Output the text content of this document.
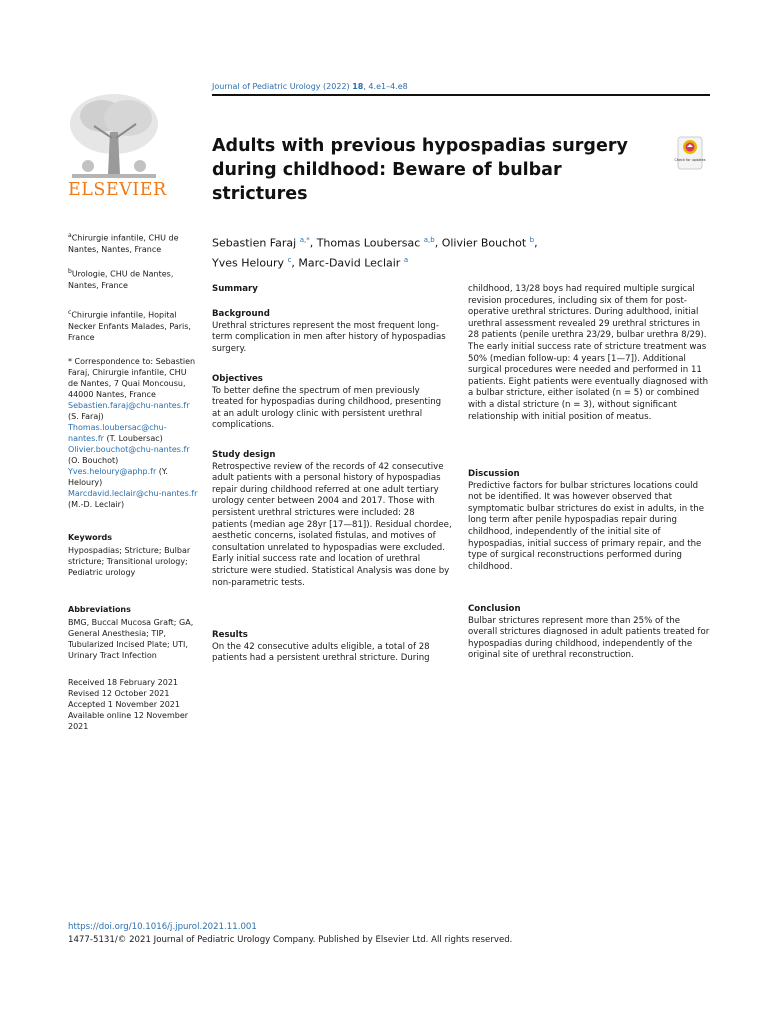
Journal of Pediatric Urology (2022) 18, 4.e1–4.e8
ELSEVIER
Adults with previous hypospadias surgery during childhood: Beware of bulbar strictures
Check for updates
Sebastien Faraj $^{a,*}$, Thomas Loubersac $^{a,b}$, Olivier Bouchot $^b$,
Yves Heloury $^c$, Marc-David Leclair $^a$
$^a$Chirurgie infantile, CHU de Nantes, Nantes, France
$^b$Urologie, CHU de Nantes, Nantes, France
$^c$Chirurgie infantile, Hopital Necker Enfants Malades, Paris, France
* Correspondence to: Sebastien Faraj, Chirurgie infantile, CHU de Nantes, 7 Quai Moncousu, 44000 Nantes, France
Sebastien.faraj@chu-nantes.fr (S. Faraj)
Thomas.loubersac@chu-nantes.fr (T. Loubersac)
Olivier.bouchot@chu-nantes.fr (O. Bouchot)
Yves.heloury@aphp.fr (Y. Heloury)
Marcdavid.leclair@chu-nantes.fr (M.-D. Leclair)
Keywords
Hypospadias; Stricture; Bulbar stricture; Transitional urology; Pediatric urology
Abbreviations
BMG, Buccal Mucosa Graft; GA, General Anesthesia; TIP, Tubularized Incised Plate; UTI, Urinary Tract Infection
Received 18 February 2021
Revised 12 October 2021
Accepted 1 November 2021
Available online 12 November 2021
Summary
Background
Urethral strictures represent the most frequent long-term complication in men after history of hypospadias surgery.
Objectives
To better define the spectrum of men previously treated for hypospadias during childhood, presenting at an adult urology clinic with persistent urethral complications.
Study design
Retrospective review of the records of 42 consecutive adult patients with a personal history of hypospadias repair during childhood referred at one adult tertiary urology center between 2004 and 2017. Those with persistent urethral strictures were included: 28 patients (median age 28yr [17—81]). Residual chordee, aesthetic concerns, isolated fistulas, and motives of consultation unrelated to hypospadias were excluded. Early initial success rate and location of urethral stricture were studied. Statistical Analysis was done by non-parametric tests.
Results
On the 42 consecutive adults eligible, a total of 28 patients had a persistent urethral stricture. During
childhood, 13/28 boys had required multiple surgical revision procedures, including six of them for post-operative urethral strictures. During adulthood, initial urethral assessment revealed 29 urethral strictures in 28 patients (penile urethra 23/29, bulbar urethra 8/29). The early initial success rate of stricture treatment was 50% (median follow-up: 4 years [1—7]). Additional surgical procedures were needed and performed in 11 patients. Eight patients were eventually diagnosed with a bulbar stricture, either isolated (n = 5) or combined with a distal stricture (n = 3), without significant relationship with initial position of meatus.
Discussion
Predictive factors for bulbar strictures locations could not be identified. It was however observed that symptomatic bulbar strictures do exist in adults, in the long term after penile hypospadias repair during childhood, independently of the initial site of hypospadias, initial success of primary repair, and the type of surgical reconstructions performed during childhood.
Conclusion
Bulbar strictures represent more than 25% of the overall strictures diagnosed in adult patients treated for hypospadias during childhood, independently of the original site of urethral reconstruction.
https://doi.org/10.1016/j.jpurol.2021.11.001
1477-5131/© 2021 Journal of Pediatric Urology Company. Published by Elsevier Ltd. All rights reserved.
